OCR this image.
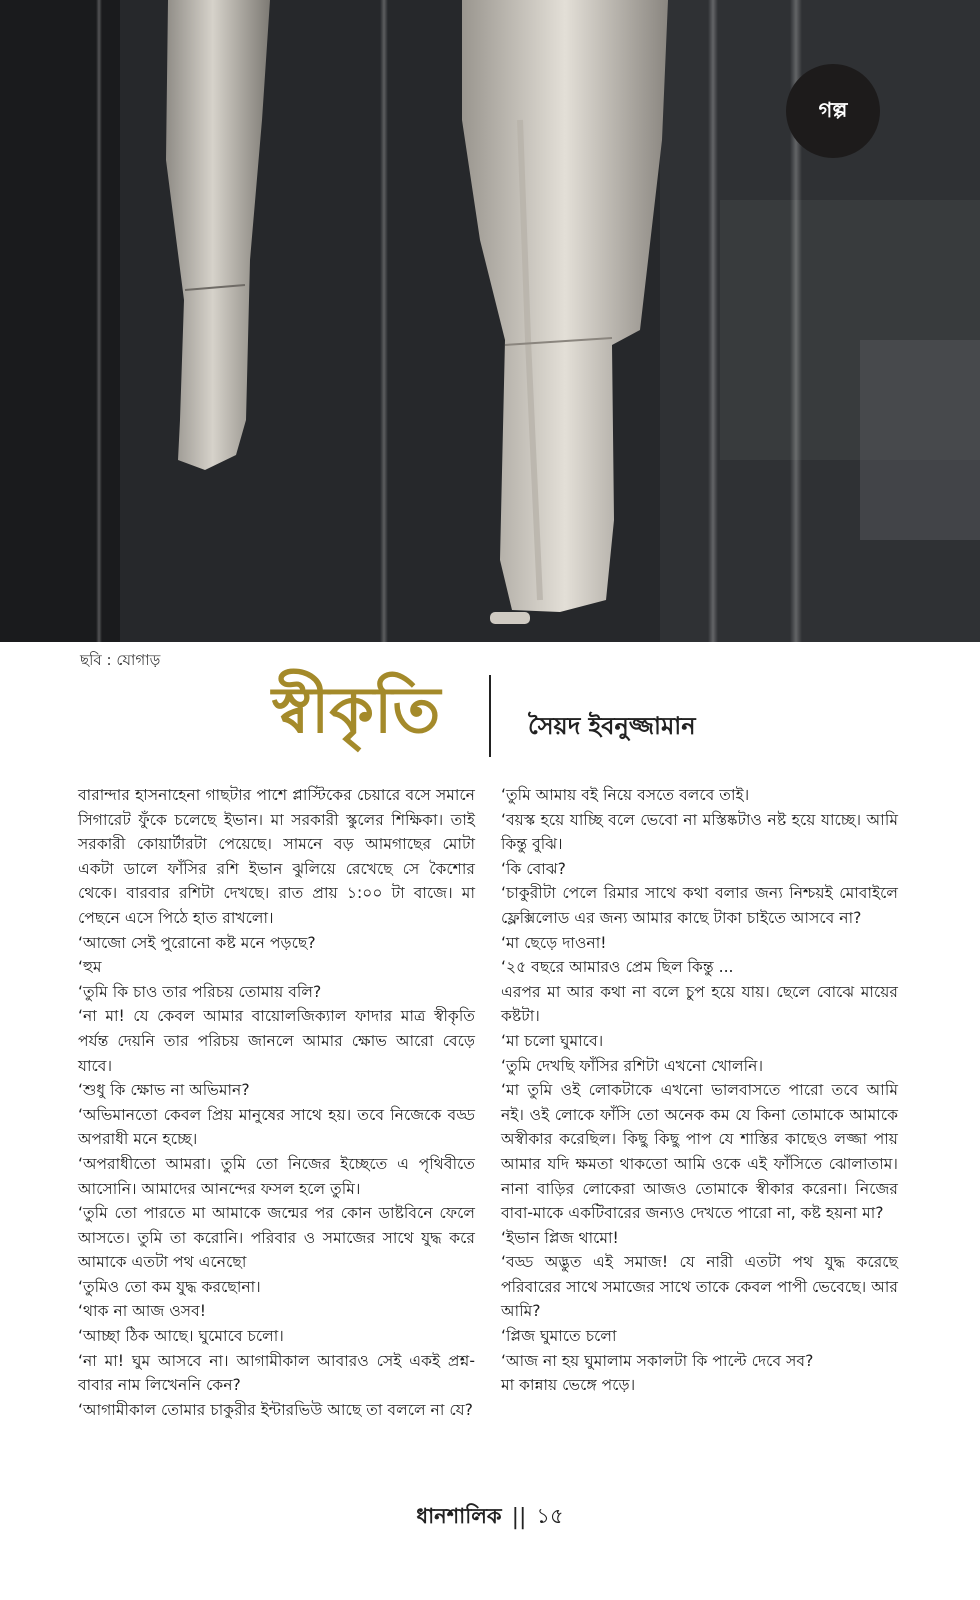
গল্প
ছবি : যোগাড়
স্বীকৃতি	সৈয়দ ইবনুজ্জামান

বারান্দার হাসনাহেনা গাছটার পাশে প্লাস্টিকের চেয়ারে বসে সমানে সিগারেট ফুঁকে চলেছে ইভান। মা সরকারী স্কুলের শিক্ষিকা। তাই সরকারী কোয়ার্টারটা পেয়েছে। সামনে বড় আমগাছের মোটা একটা ডালে ফাঁসির রশি ইভান ঝুলিয়ে রেখেছে সে কৈশোর থেকে। বারবার রশিটা দেখছে। রাত প্রায় ১:০০ টা বাজে। মা পেছনে এসে পিঠে হাত রাখলো।

‘আজো সেই পুরোনো কষ্ট মনে পড়ছে?

‘হুম

‘তুমি কি চাও তার পরিচয় তোমায় বলি?

‘না মা! যে কেবল আমার বায়োলজিক্যাল ফাদার মাত্র স্বীকৃতি পর্যন্ত দেয়নি তার পরিচয় জানলে আমার ক্ষোভ আরো বেড়ে যাবে।

‘শুধু কি ক্ষোভ না অভিমান?

‘অভিমানতো কেবল প্রিয় মানুষের সাথে হয়। তবে নিজেকে বড্ড অপরাধী মনে হচ্ছে।

‘অপরাধীতো আমরা। তুমি তো নিজের ইচ্ছেতে এ পৃথিবীতে আসোনি। আমাদের আনন্দের ফসল হলে তুমি।

‘তুমি তো পারতে মা আমাকে জন্মের পর কোন ডাষ্টবিনে ফেলে আসতে। তুমি তা করোনি। পরিবার ও সমাজের সাথে যুদ্ধ করে আমাকে এতটা পথ এনেছো

‘তুমিও তো কম যুদ্ধ করছোনা।

‘থাক না আজ ওসব!

‘আচ্ছা ঠিক আছে। ঘুমোবে চলো।

‘না মা! ঘুম আসবে না। আগামীকাল আবারও সেই একই প্রশ্ন- বাবার নাম লিখেননি কেন?

‘আগামীকাল তোমার চাকুরীর ইন্টারভিউ আছে তা বললে না যে?

‘তুমি আমায় বই নিয়ে বসতে বলবে তাই।

‘বয়স্ক হয়ে যাচ্ছি বলে ভেবো না মস্তিষ্কটাও নষ্ট হয়ে যাচ্ছে। আমি কিন্তু বুঝি।

‘কি বোঝ?

‘চাকুরীটা পেলে রিমার সাথে কথা বলার জন্য নিশ্চয়ই মোবাইলে ফ্লেক্সিলোড এর জন্য আমার কাছে টাকা চাইতে আসবে না?

‘মা ছেড়ে দাওনা!

‘২৫ বছরে আমারও প্রেম ছিল কিন্তু ...

এরপর মা আর কথা না বলে চুপ হয়ে যায়। ছেলে বোঝে মায়ের কষ্টটা।

‘মা চলো ঘুমাবে।

‘তুমি দেখছি ফাঁসির রশিটা এখনো খোলনি।

‘মা তুমি ওই লোকটাকে এখনো ভালবাসতে পারো তবে আমি নই। ওই লোকে ফাঁসি তো অনেক কম যে কিনা তোমাকে আমাকে অস্বীকার করেছিল। কিছু কিছু পাপ যে শাস্তির কাছেও লজ্জা পায় আমার যদি ক্ষমতা থাকতো আমি ওকে এই ফাঁসিতে ঝোলাতাম। নানা বাড়ির লোকেরা আজও তোমাকে স্বীকার করেনা। নিজের বাবা-মাকে একটিবারের জন্যও দেখতে পারো না, কষ্ট হয়না মা?

‘ইভান প্লিজ থামো!

‘বড্ড অদ্ভুত এই সমাজ! যে নারী এতটা পথ যুদ্ধ করেছে পরিবারের সাথে সমাজের সাথে তাকে কেবল পাপী ভেবেছে। আর আমি?

‘প্লিজ ঘুমাতে চলো

‘আজ না হয় ঘুমালাম সকালটা কি পাল্টে দেবে সব?

মা কান্নায় ভেঙ্গে পড়ে।

ধানশালিক || ১৫
